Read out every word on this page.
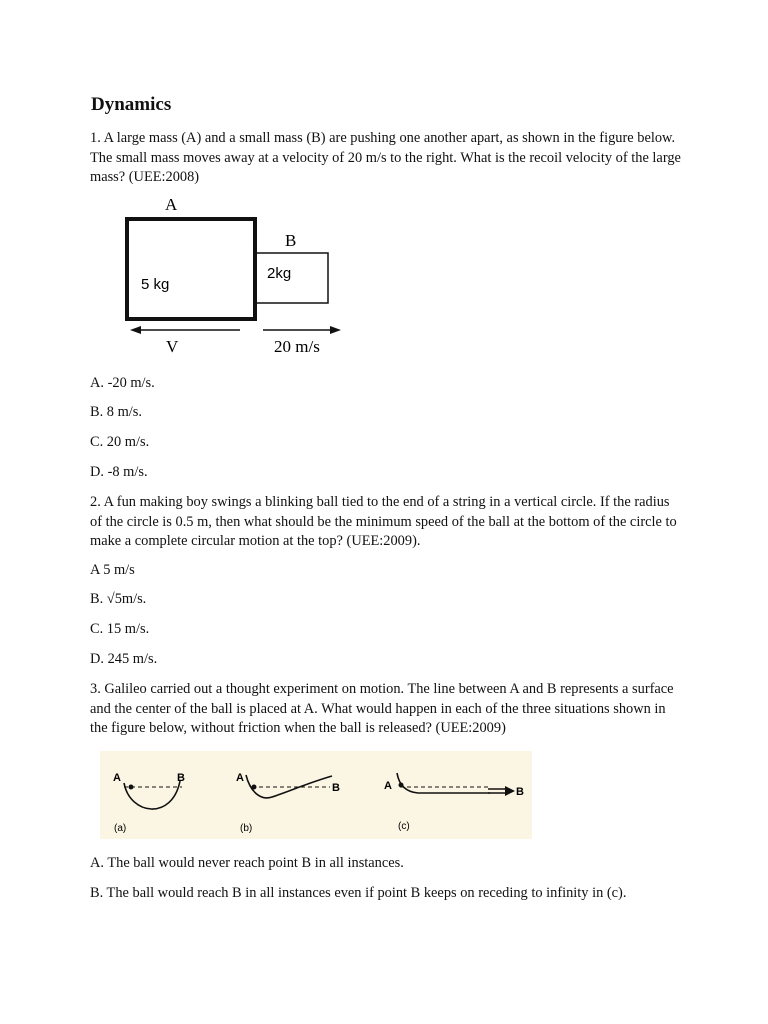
Dynamics

1. A large mass (A) and a small mass (B) are pushing one another apart, as shown in the figure below. The small mass moves away at a velocity of 20 m/s to the right. What is the recoil velocity of the large mass? (UEE:2008)

A
5 kg
B
2kg
V	20 m/s

A. -20 m/s.

B. 8 m/s.

C. 20 m/s.

D. -8 m/s.

2. A fun making boy swings a blinking ball tied to the end of a string in a vertical circle. If the radius of the circle is 0.5 m, then what should be the minimum speed of the ball at the bottom of the circle to make a complete circular motion at the top? (UEE:2009).

A 5 m/s

B. √5m/s.

C. 15 m/s.

D. 245 m/s.

3. Galileo carried out a thought experiment on motion. The line between A and B represents a surface and the center of the ball is placed at A. What would happen in each of the three situations shown in the figure below, without friction when the ball is released? (UEE:2009)

A	B
(a)
A
B
(b)
A	B
(c)

A. The ball would never reach point B in all instances.

B. The ball would reach B in all instances even if point B keeps on receding to infinity in (c).
